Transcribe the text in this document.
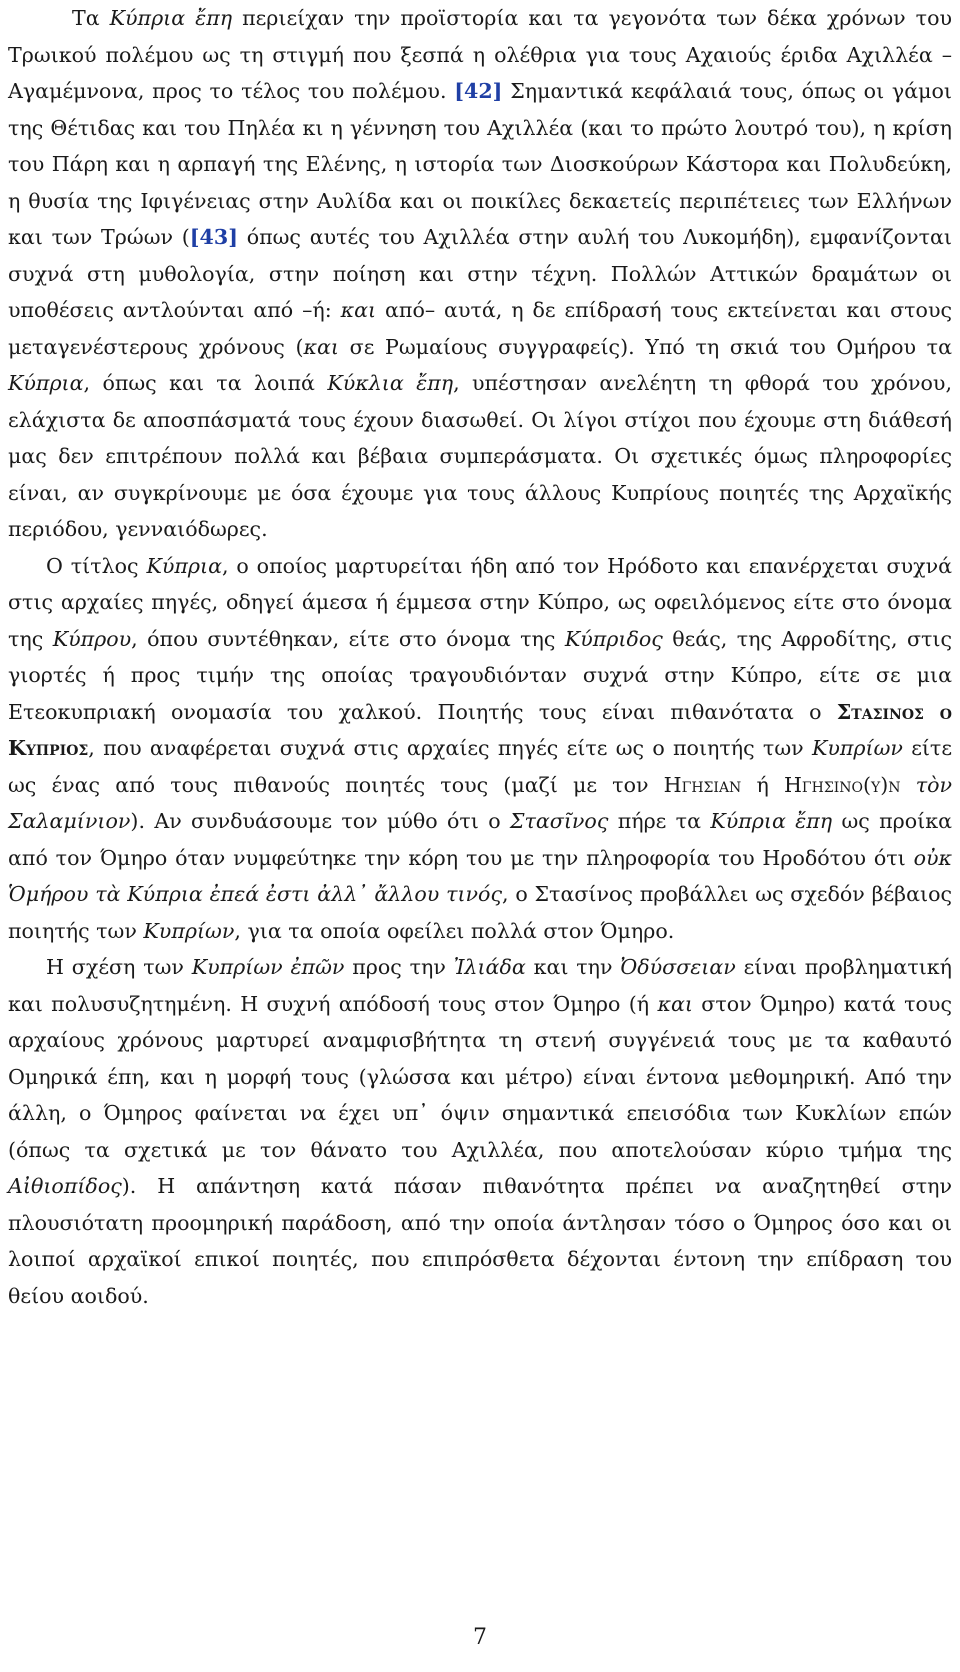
Τα Κύπρια ἔπη περιείχαν την προϊστορία και τα γεγονότα των δέκα χρόνων του Τρωικού πολέμου ως τη στιγμή που ξεσπά η ολέθρια για τους Αχαιούς έριδα Αχιλλέα – Αγαμέμνονα, προς το τέλος του πολέμου. [42] Σημαντικά κεφάλαιά τους, όπως οι γάμοι της Θέτιδας και του Πηλέα κι η γέννηση του Αχιλλέα (και το πρώτο λουτρό του), η κρίση του Πάρη και η αρπαγή της Ελένης, η ιστορία των Διοσκούρων Κάστορα και Πολυδεύκη, η θυσία της Ιφιγένειας στην Αυλίδα και οι ποικίλες δεκαετείς περιπέτειες των Ελλήνων και των Τρώων ([43] όπως αυτές του Αχιλλέα στην αυλή του Λυκομήδη), εμφανίζονται συχνά στη μυθολογία, στην ποίηση και στην τέχνη. Πολλών Αττικών δραμάτων οι υποθέσεις αντλούνται από –ή: και από– αυτά, η δε επίδρασή τους εκτείνεται και στους μεταγενέστερους χρόνους (και σε Ρωμαίους συγγραφείς). Υπό τη σκιά του Ομήρου τα Κύπρια, όπως και τα λοιπά Κύκλια ἔπη, υπέστησαν ανελέητη τη φθορά του χρόνου, ελάχιστα δε αποσπάσματά τους έχουν διασωθεί. Οι λίγοι στίχοι που έχουμε στη διάθεσή μας δεν επιτρέπουν πολλά και βέβαια συμπεράσματα. Οι σχετικές όμως πληροφορίες είναι, αν συγκρίνουμε με όσα έχουμε για τους άλλους Κυπρίους ποιητές της Αρχαϊκής περιόδου, γενναιόδωρες.

Ο τίτλος Κύπρια, ο οποίος μαρτυρείται ήδη από τον Ηρόδοτο και επανέρχεται συχνά στις αρχαίες πηγές, οδηγεί άμεσα ή έμμεσα στην Κύπρο, ως οφειλόμενος είτε στο όνομα της Κύπρου, όπου συντέθηκαν, είτε στο όνομα της Κύπριδος θεάς, της Αφροδίτης, στις γιορτές ή προς τιμήν της οποίας τραγουδιόνταν συχνά στην Κύπρο, είτε σε μια Ετεοκυπριακή ονομασία του χαλκού. Ποιητής τους είναι πιθανότατα ο Στασινος ο Κυπριος, που αναφέρεται συχνά στις αρχαίες πηγές είτε ως ο ποιητής των Κυπρίων είτε ως ένας από τους πιθανούς ποιητές τους (μαζί με τον Ηγησιαν ή Ηγησινο(υ)ν τὸν Σαλαμίνιον). Αν συνδυάσουμε τον μύθο ότι ο Στασῖνος πήρε τα Κύπρια ἔπη ως προίκα από τον Όμηρο όταν νυμφεύτηκε την κόρη του με την πληροφορία του Ηροδότου ότι οὐκ Ὁμήρου τὰ Κύπρια ἐπεά ἐστι ἀλλ᾽ ἄλλου τινός, ο Στασίνος προβάλλει ως σχεδόν βέβαιος ποιητής των Κυπρίων, για τα οποία οφείλει πολλά στον Όμηρο.

Η σχέση των Κυπρίων ἐπῶν προς την Ἰλιάδα και την Ὀδύσσειαν είναι προβληματική και πολυσυζητημένη. Η συχνή απόδοσή τους στον Όμηρο (ή και στον Όμηρο) κατά τους αρχαίους χρόνους μαρτυρεί αναμφισβήτητα τη στενή συγγένειά τους με τα καθαυτό Ομηρικά έπη, και η μορφή τους (γλώσσα και μέτρο) είναι έντονα μεθομηρική. Από την άλλη, ο Όμηρος φαίνεται να έχει υπ᾽ όψιν σημαντικά επεισόδια των Κυκλίων επών (όπως τα σχετικά με τον θάνατο του Αχιλλέα, που αποτελούσαν κύριο τμήμα της Αἰθιοπίδος). Η απάντηση κατά πάσαν πιθανότητα πρέπει να αναζητηθεί στην πλουσιότατη προομηρική παράδοση, από την οποία άντλησαν τόσο ο Όμηρος όσο και οι λοιποί αρχαϊκοί επικοί ποιητές, που επιπρόσθετα δέχονται έντονη την επίδραση του θείου αοιδού.

7
